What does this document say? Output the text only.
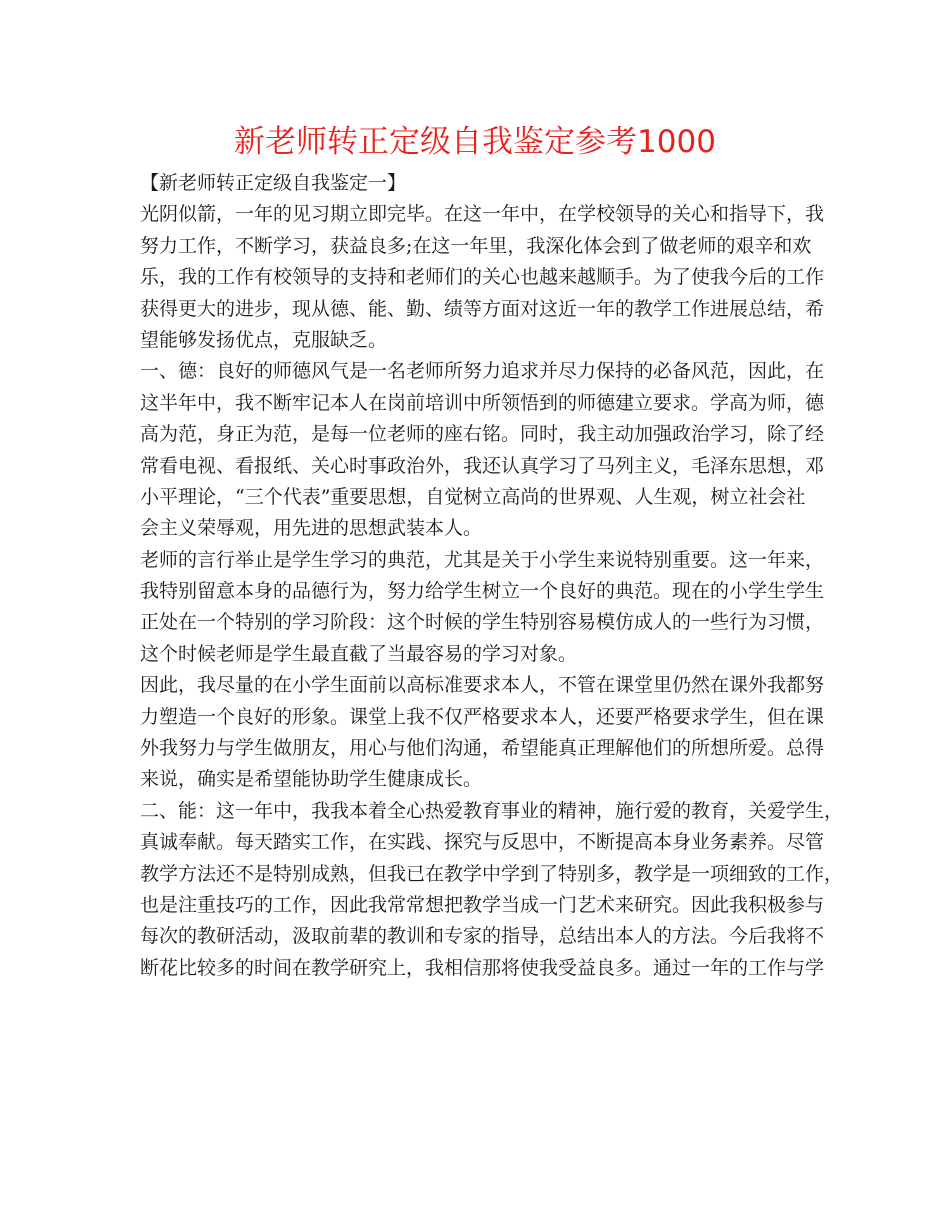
新老师转正定级自我鉴定参考1000

【新老师转正定级自我鉴定一】

光阴似箭，一年的见习期立即完毕。在这一年中，在学校领导的关心和指导下，我

努力工作，不断学习，获益良多;在这一年里，我深化体会到了做老师的艰辛和欢

乐，我的工作有校领导的支持和老师们的关心也越来越顺手。为了使我今后的工作

获得更大的进步，现从德、能、勤、绩等方面对这近一年的教学工作进展总结，希

望能够发扬优点，克服缺乏。

一、德：良好的师德风气是一名老师所努力追求并尽力保持的必备风范，因此，在

这半年中，我不断牢记本人在岗前培训中所领悟到的师德建立要求。学高为师，德

高为范，身正为范，是每一位老师的座右铭。同时，我主动加强政治学习，除了经

常看电视、看报纸、关心时事政治外，我还认真学习了马列主义，毛泽东思想，邓

小平理论，“三个代表”重要思想，自觉树立高尚的世界观、人生观，树立社会社

会主义荣辱观，用先进的思想武装本人。

老师的言行举止是学生学习的典范，尤其是关于小学生来说特别重要。这一年来，

我特别留意本身的品德行为，努力给学生树立一个良好的典范。现在的小学生学生

正处在一个特别的学习阶段：这个时候的学生特别容易模仿成人的一些行为习惯，

这个时候老师是学生最直截了当最容易的学习对象。

因此，我尽量的在小学生面前以高标准要求本人，不管在课堂里仍然在课外我都努

力塑造一个良好的形象。课堂上我不仅严格要求本人，还要严格要求学生，但在课

外我努力与学生做朋友，用心与他们沟通，希望能真正理解他们的所想所爱。总得

来说，确实是希望能协助学生健康成长。

二、能：这一年中，我我本着全心热爱教育事业的精神，施行爱的教育，关爱学生，

真诚奉献。每天踏实工作，在实践、探究与反思中，不断提高本身业务素养。尽管

教学方法还不是特别成熟，但我已在教学中学到了特别多，教学是一项细致的工作，

也是注重技巧的工作，因此我常常想把教学当成一门艺术来研究。因此我积极参与

每次的教研活动，汲取前辈的教训和专家的指导，总结出本人的方法。今后我将不

断花比较多的时间在教学研究上，我相信那将使我受益良多。通过一年的工作与学
